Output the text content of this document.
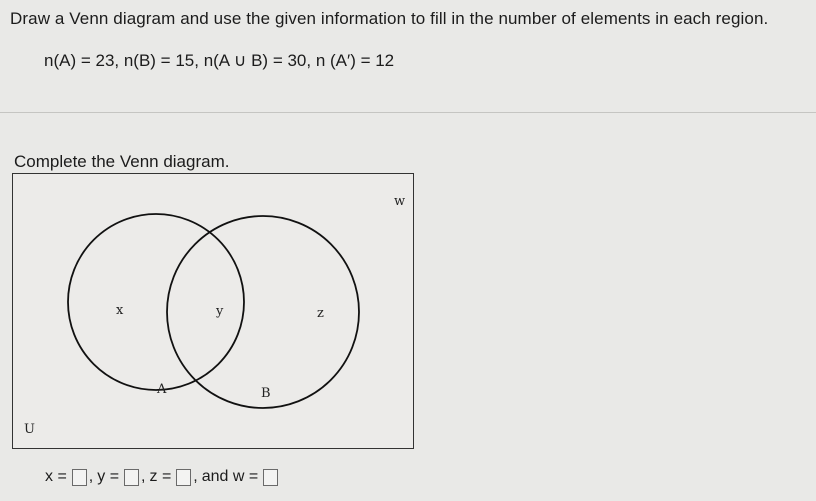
Draw a Venn diagram and use the given information to fill in the number of elements in each region.
n(A) = 23, n(B) = 15, n(A ∪ B) = 30, n (A′) = 12
Complete the Venn diagram.
w
x	y	z
A	B
U
x = , y = , z = , and w =
